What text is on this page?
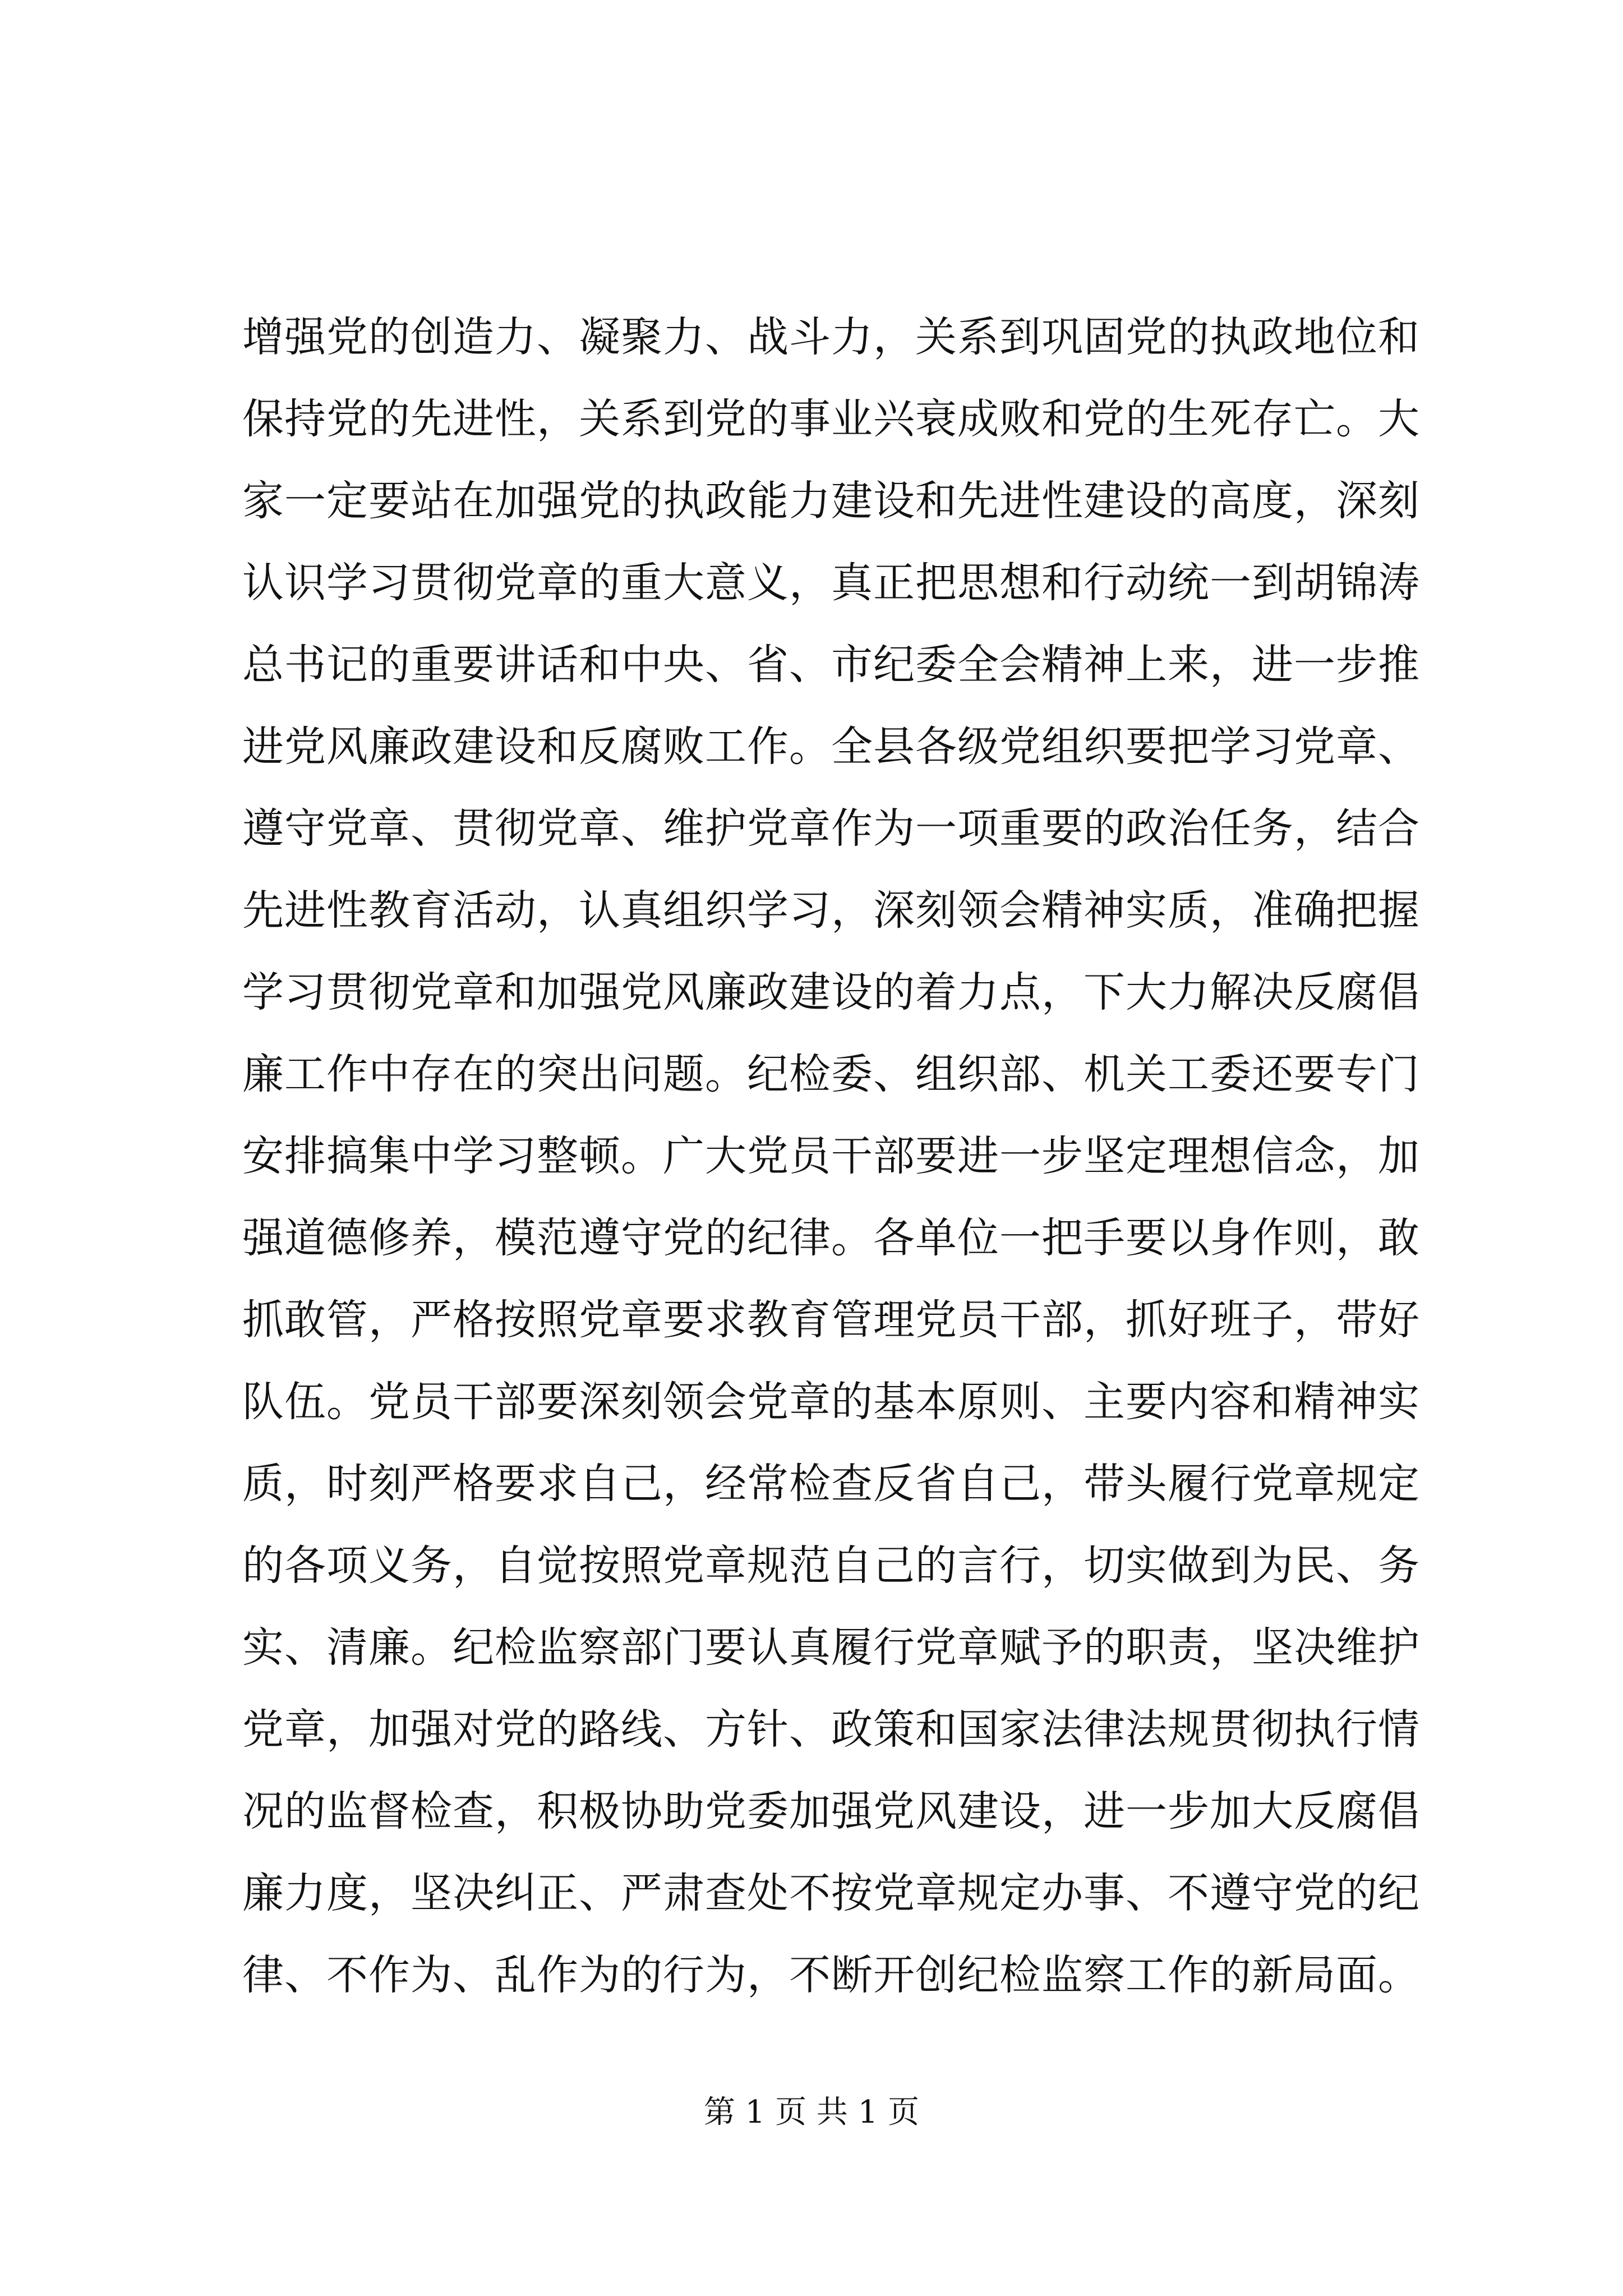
增强党的创造力、凝聚力、战斗力，关系到巩固党的执政地位和
保持党的先进性，关系到党的事业兴衰成败和党的生死存亡。大
家一定要站在加强党的执政能力建设和先进性建设的高度，深刻
认识学习贯彻党章的重大意义，真正把思想和行动统一到胡锦涛
总书记的重要讲话和中央、省、市纪委全会精神上来，进一步推
进党风廉政建设和反腐败工作。全县各级党组织要把学习党章、
遵守党章、贯彻党章、维护党章作为一项重要的政治任务，结合
先进性教育活动，认真组织学习，深刻领会精神实质，准确把握
学习贯彻党章和加强党风廉政建设的着力点，下大力解决反腐倡
廉工作中存在的突出问题。纪检委、组织部、机关工委还要专门
安排搞集中学习整顿。广大党员干部要进一步坚定理想信念，加
强道德修养，模范遵守党的纪律。各单位一把手要以身作则，敢
抓敢管，严格按照党章要求教育管理党员干部，抓好班子，带好
队伍。党员干部要深刻领会党章的基本原则、主要内容和精神实
质，时刻严格要求自己，经常检查反省自己，带头履行党章规定
的各项义务，自觉按照党章规范自己的言行，切实做到为民、务
实、清廉。纪检监察部门要认真履行党章赋予的职责，坚决维护
党章，加强对党的路线、方针、政策和国家法律法规贯彻执行情
况的监督检查，积极协助党委加强党风建设，进一步加大反腐倡
廉力度，坚决纠正、严肃查处不按党章规定办事、不遵守党的纪
律、不作为、乱作为的行为，不断开创纪检监察工作的新局面。
第 1 页 共 1 页
